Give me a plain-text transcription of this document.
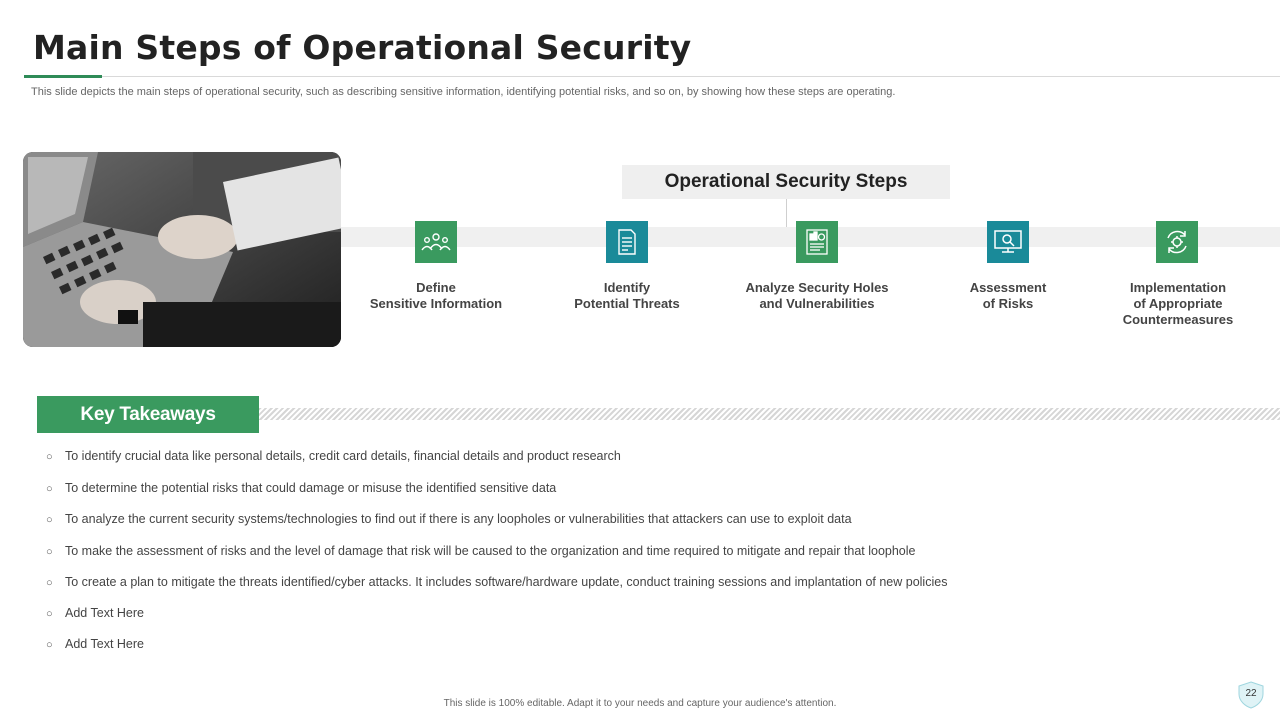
Main Steps of Operational Security
This slide depicts the main steps of operational security, such as describing sensitive information, identifying potential risks, and so on, by showing how these steps are operating.
Operational Security Steps
Define
Sensitive Information
Identify
Potential Threats
Analyze Security Holes
and Vulnerabilities
Assessment
of Risks
Implementation
of Appropriate
Countermeasures
Key Takeaways
○ To identify crucial data like personal details, credit card details, financial details and product research
○ To determine the potential risks that could damage or misuse the identified sensitive data
○ To analyze the current security systems/technologies to find out if there is any loopholes or vulnerabilities that attackers can use to exploit data
○ To make the assessment of risks and the level of damage that risk will be caused to the organization and time required to mitigate and repair that loophole
○ To create a plan to mitigate the threats identified/cyber attacks. It includes software/hardware update, conduct training sessions and implantation of new policies
○ Add Text Here
○ Add Text Here
This slide is 100% editable. Adapt it to your needs and capture your audience's attention.
22
